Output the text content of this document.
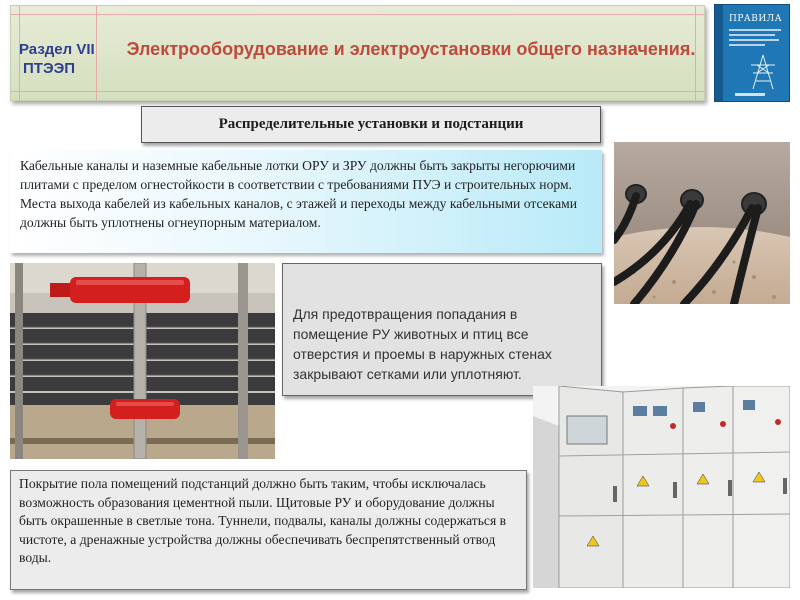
Раздел VII
ПТЭЭП
Электрооборудование и электроустановки общего назначения.
ПРАВИЛА
Распределительные установки и подстанции

Кабельные каналы и наземные кабельные лотки ОРУ и ЗРУ должны быть закрыты негорючими плитами с пределом огнестойкости в соответствии с требованиями ПУЭ и строительных норм. Места выхода кабелей из кабельных каналов, с этажей и переходы между кабельными отсеками должны быть уплотнены огнеупорным материалом.

Для предотвращения попадания в помещение РУ животных и птиц все отверстия и проемы в наружных стенах закрывают сетками или уплотняют.

Покрытие пола помещений подстанций должно быть таким, чтобы исключалась возможность образования цементной пыли. Щитовые РУ и оборудование должны быть окрашенные в светлые тона. Туннели, подвалы, каналы должны содержаться в чистоте, а дренажные устройства должны обеспечивать беспрепятственный отвод воды.
